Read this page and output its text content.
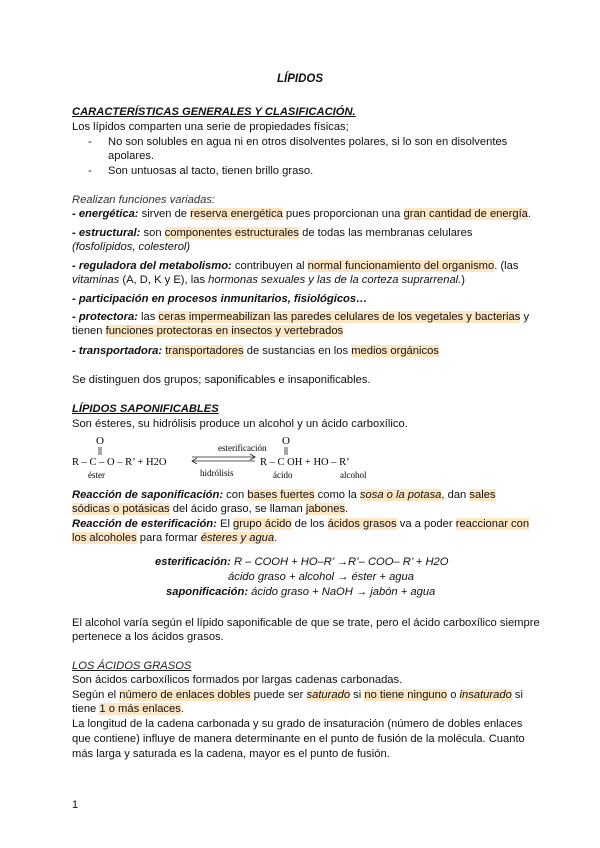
LÍPIDOS
CARACTERÍSTICAS GENERALES Y CLASIFICACIÓN.
Los lípidos comparten una serie de propiedades físicas;
- No son solubles en agua ni en otros disolventes polares, si lo son en disolventes
apolares.
- Son untuosas al tacto, tienen brillo graso.
Realizan funciones variadas:
- energética: sirven de reserva energética pues proporcionan una gran cantidad de energía.
- estructural: son componentes estructurales de todas las membranas celulares
(fosfolípidos, colesterol)
- reguladora del metabolismo: contribuyen al normal funcionamiento del organismo. (las
vitaminas (A, D, K y E), las hormonas sexuales y las de la corteza suprarrenal.)
- participación en procesos inmunitarios, fisiológicos…
- protectora: las ceras impermeabilizan las paredes celulares de los vegetales y bacterias y
tienen funciones protectoras en insectos y vertebrados
- transportadora: transportadores de sustancias en los medios orgánicos
Se distinguen dos grupos; saponificables e insaponificables.
LÍPIDOS SAPONIFICABLES
Son ésteres, su hidrólisis produce un alcohol y un ácido carboxílico.
O
R – C – O – R’ + H2O
éster
esterificación
hidrólisis
O
R – C OH + HO – R’
ácido	alcohol
Reacción de saponificación: con bases fuertes como la sosa o la potasa, dan sales
sódicas o potásicas del ácido graso, se llaman jabones.
Reacción de esterificación: El grupo ácido de los ácidos grasos va a poder reaccionar con
los alcoholes para formar ésteres y agua.
esterificación: R – COOH + HO–R’ →R’– COO– R’ + H2O
ácido graso + alcohol → éster + agua
saponificación: ácido graso + NaOH → jabón + agua
El alcohol varía según el lípido saponificable de que se trate, pero el ácido carboxílico siempre
pertenece a los ácidos grasos.
LOS ÁCIDOS GRASOS
Son ácidos carboxílicos formados por largas cadenas carbonadas.
Según el número de enlaces dobles puede ser saturado si no tiene ninguno o insaturado si
tiene 1 o más enlaces.
La longitud de la cadena carbonada y su grado de insaturación (número de dobles enlaces
que contiene) influye de manera determinante en el punto de fusión de la molécula. Cuanto
más larga y saturada es la cadena, mayor es el punto de fusión.
1
